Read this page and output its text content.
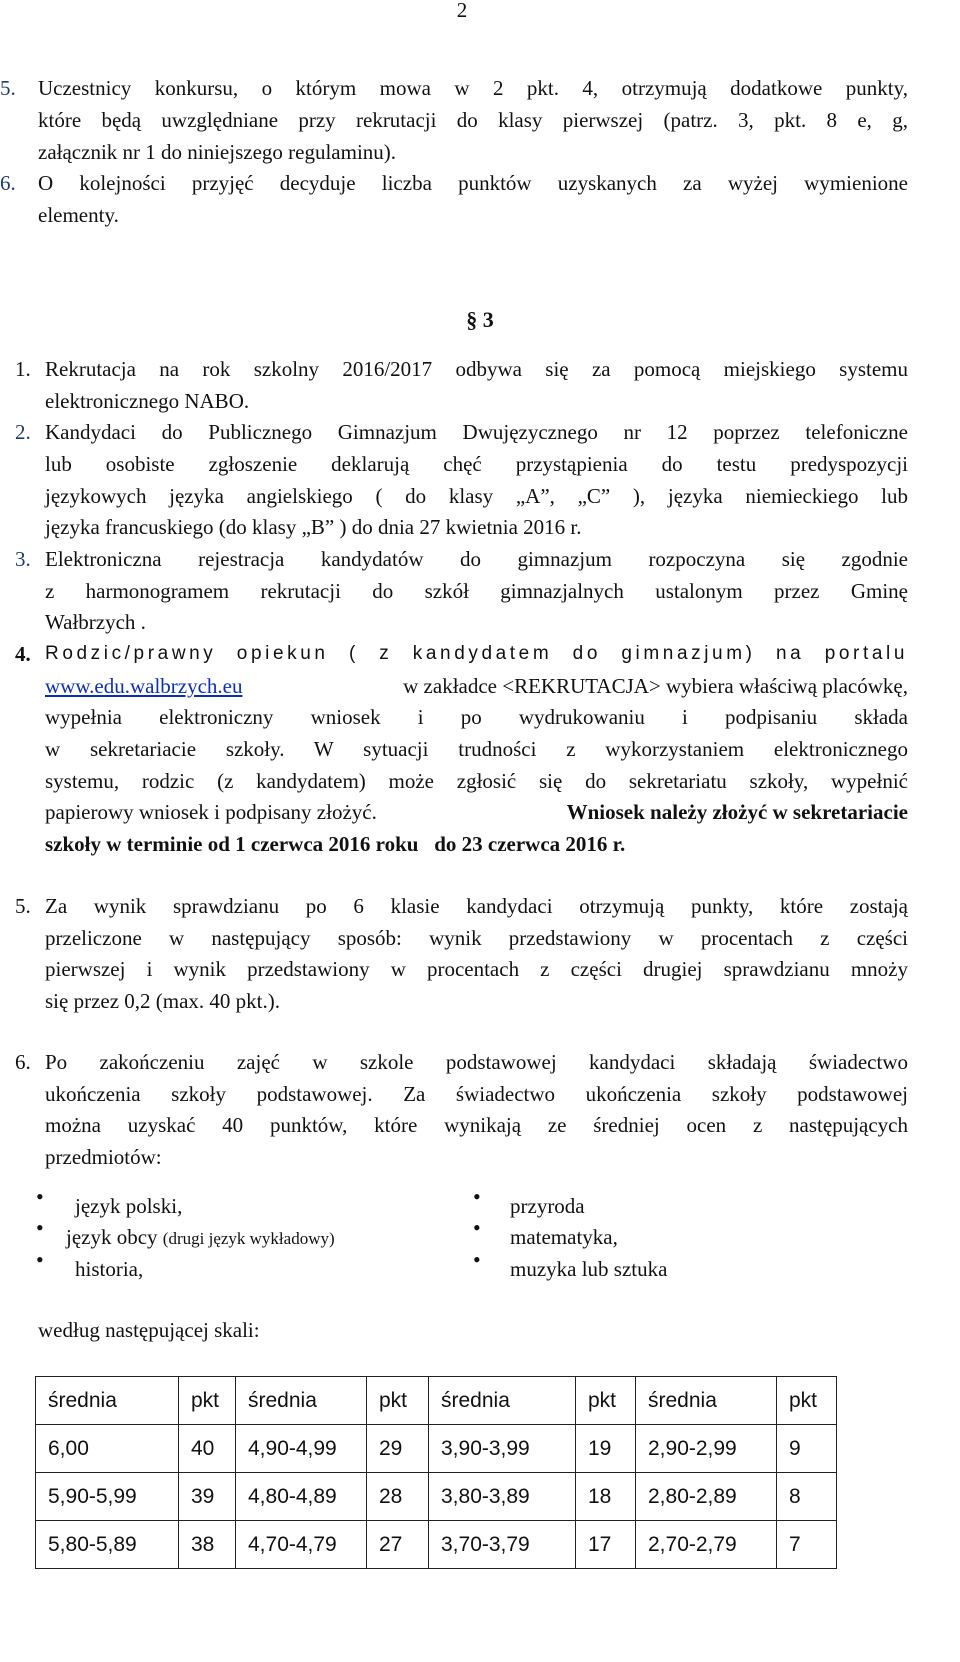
2
5. Uczestnicy konkursu, o którym mowa w 2 pkt. 4, otrzymują dodatkowe punkty,
które będą uwzględniane przy rekrutacji do klasy pierwszej (patrz. 3, pkt. 8 e, g,
załącznik nr 1 do niniejszego regulaminu).
6. O kolejności przyjęć decyduje liczba punktów uzyskanych za wyżej wymienione
elementy.
§ 3
1. Rekrutacja na rok szkolny 2016/2017 odbywa się za pomocą miejskiego systemu
elektronicznego NABO.
2. Kandydaci do Publicznego Gimnazjum Dwujęzycznego nr 12 poprzez telefoniczne
lub osobiste zgłoszenie deklarują chęć przystąpienia do testu predyspozycji
językowych języka angielskiego ( do klasy „A”, „C” ), języka niemieckiego lub
języka francuskiego (do klasy „B” ) do dnia 27 kwietnia 2016 r.
3. Elektroniczna rejestracja kandydatów do gimnazjum rozpoczyna się zgodnie
z harmonogramem rekrutacji do szkół gimnazjalnych ustalonym przez Gminę
Wałbrzych .
4. Rodzic/prawny opiekun ( z kandydatem do gimnazjum) na portalu
www.edu.walbrzych.eu	w zakładce <REKRUTACJA> wybiera właściwą placówkę,
wypełnia elektroniczny wniosek i po wydrukowaniu i podpisaniu składa
w sekretariacie szkoły. W sytuacji trudności z wykorzystaniem elektronicznego
systemu, rodzic (z kandydatem) może zgłosić się do sekretariatu szkoły, wypełnić
papierowy wniosek i podpisany złożyć.	Wniosek należy złożyć w sekretariacie
szkoły w terminie od 1 czerwca 2016 roku   do 23 czerwca 2016 r.
5. Za wynik sprawdzianu po 6 klasie kandydaci otrzymują punkty, które zostają
przeliczone w następujący sposób: wynik przedstawiony w procentach z części
pierwszej i wynik przedstawiony w procentach z części drugiej sprawdzianu mnoży
się przez 0,2 (max. 40 pkt.).
6. Po zakończeniu zajęć w szkole podstawowej kandydaci składają świadectwo
ukończenia szkoły podstawowej. Za świadectwo ukończenia szkoły podstawowej
można uzyskać 40 punktów, które wynikają ze średniej ocen z następujących
przedmiotów:
• język polski,
• język obcy (drugi język wykładowy)
• historia,
• przyroda
• matematyka,
• muzyka lub sztuka
według następującej skali:
średnia	pkt	średnia	pkt	średnia	pkt	średnia	pkt
6,00	40	4,90-4,99	29	3,90-3,99	19	2,90-2,99	9
5,90-5,99	39	4,80-4,89	28	3,80-3,89	18	2,80-2,89	8
5,80-5,89	38	4,70-4,79	27	3,70-3,79	17	2,70-2,79	7
